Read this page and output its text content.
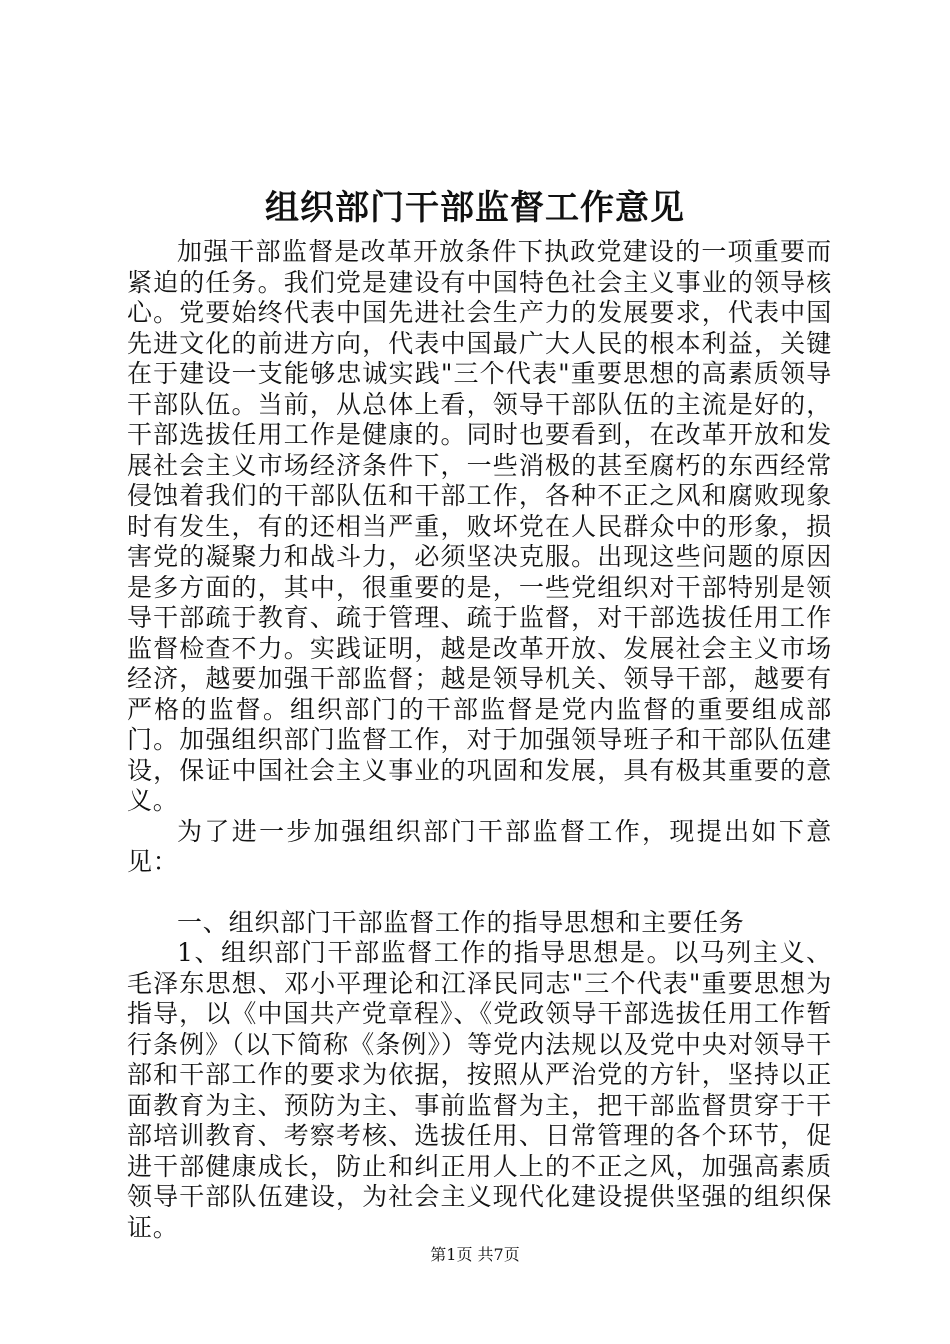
组织部门干部监督工作意见

加强干部监督是改革开放条件下执政党建设的一项重要而紧迫的任务。我们党是建设有中国特色社会主义事业的领导核心。党要始终代表中国先进社会生产力的发展要求，代表中国先进文化的前进方向，代表中国最广大人民的根本利益，关键在于建设一支能够忠诚实践"三个代表"重要思想的高素质领导干部队伍。当前，从总体上看，领导干部队伍的主流是好的，干部选拔任用工作是健康的。同时也要看到，在改革开放和发展社会主义市场经济条件下，一些消极的甚至腐朽的东西经常侵蚀着我们的干部队伍和干部工作，各种不正之风和腐败现象时有发生，有的还相当严重，败坏党在人民群众中的形象，损害党的凝聚力和战斗力，必须坚决克服。出现这些问题的原因是多方面的，其中，很重要的是，一些党组织对干部特别是领导干部疏于教育、疏于管理、疏于监督，对干部选拔任用工作监督检查不力。实践证明，越是改革开放、发展社会主义市场经济，越要加强干部监督；越是领导机关、领导干部，越要有严格的监督。组织部门的干部监督是党内监督的重要组成部门。加强组织部门监督工作，对于加强领导班子和干部队伍建设，保证中国社会主义事业的巩固和发展，具有极其重要的意义。

为了进一步加强组织部门干部监督工作，现提出如下意见：

一、组织部门干部监督工作的指导思想和主要任务

1、组织部门干部监督工作的指导思想是。以马列主义、毛泽东思想、邓小平理论和江泽民同志"三个代表"重要思想为指导，以《中国共产党章程》、《党政领导干部选拔任用工作暂行条例》（以下简称《条例》）等党内法规以及党中央对领导干部和干部工作的要求为依据，按照从严治党的方针，坚持以正面教育为主、预防为主、事前监督为主，把干部监督贯穿于干部培训教育、考察考核、选拔任用、日常管理的各个环节，促进干部健康成长，防止和纠正用人上的不正之风，加强高素质领导干部队伍建设，为社会主义现代化建设提供坚强的组织保证。

第1页 共7页
